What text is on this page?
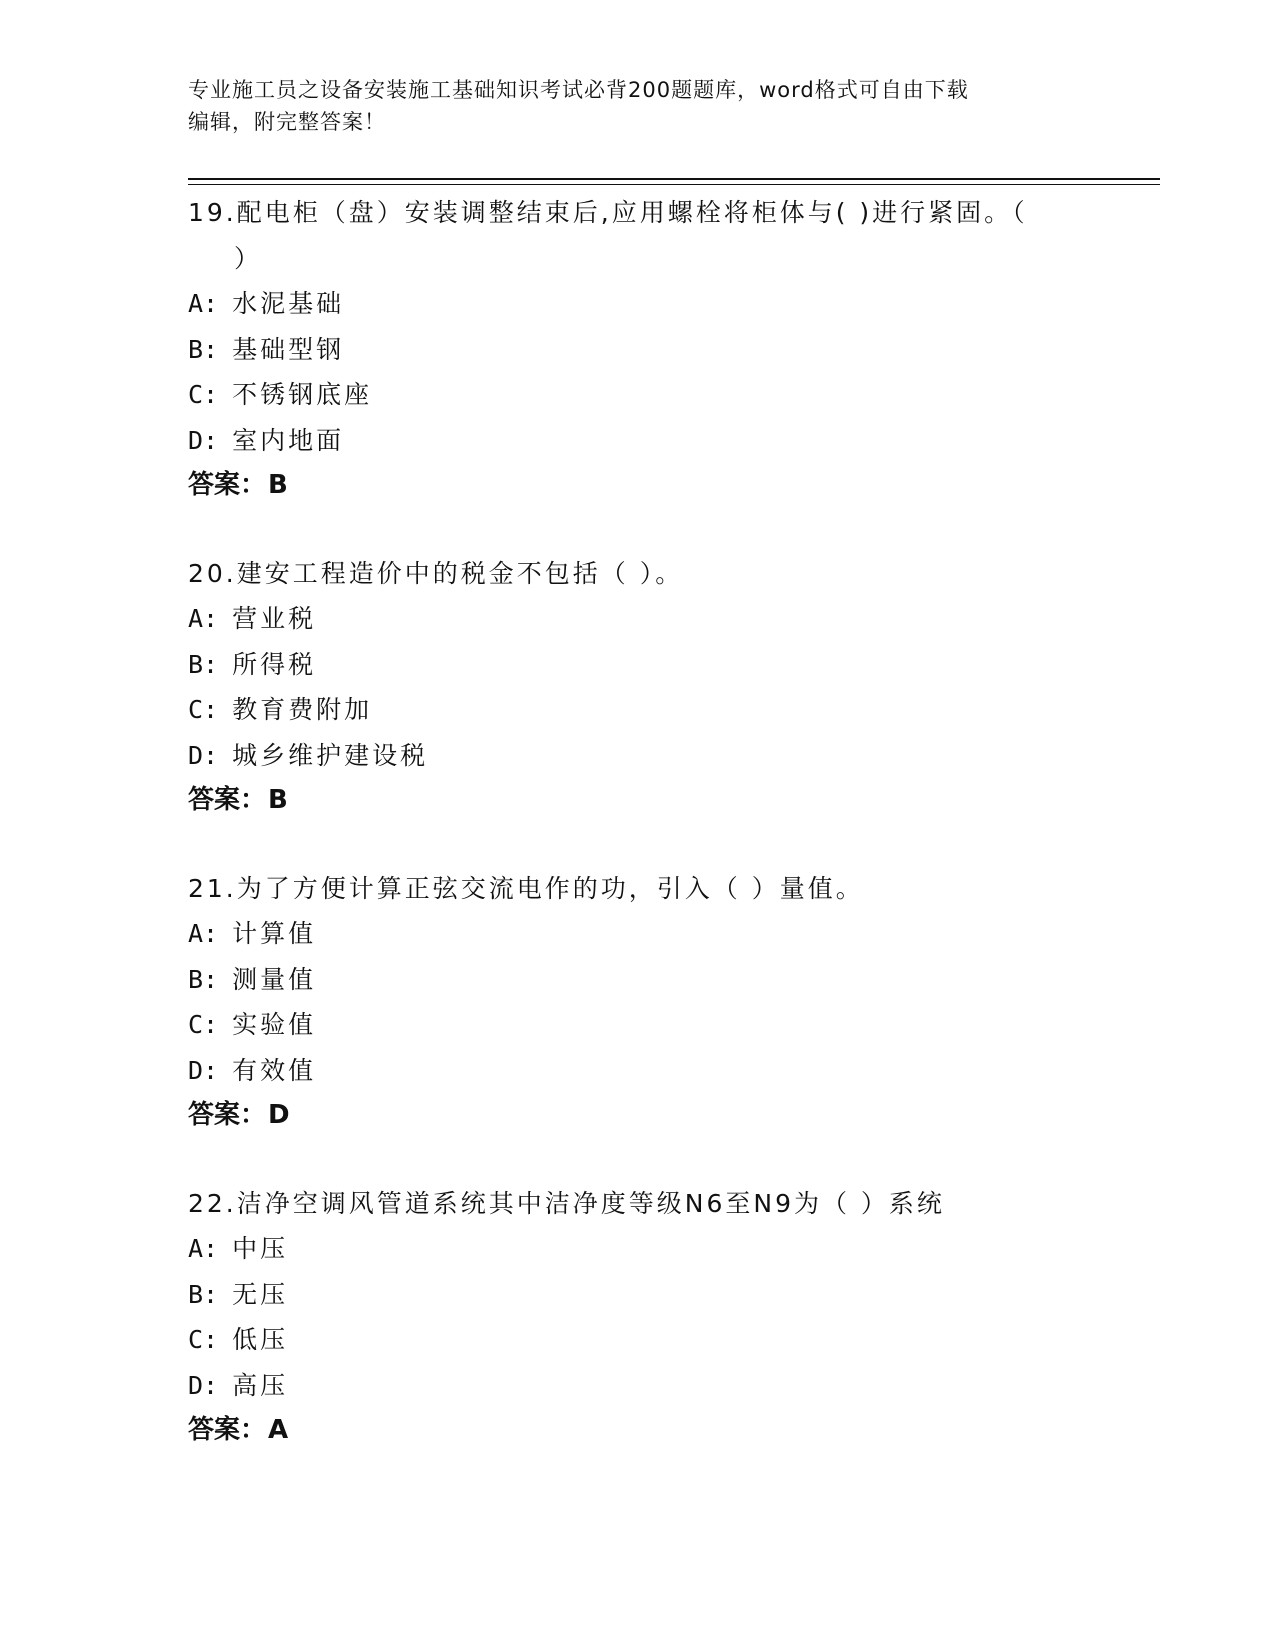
专业施工员之设备安装施工基础知识考试必背200题题库，word格式可自由下载

编辑，附完整答案！

19.配电柜（盘）安装调整结束后,应用螺栓将柜体与( )进行紧固。（

）

A: 水泥基础

B: 基础型钢

C: 不锈钢底座

D: 室内地面

答案：B

20.建安工程造价中的税金不包括（ ）。

A: 营业税

B: 所得税

C: 教育费附加

D: 城乡维护建设税

答案：B

21.为了方便计算正弦交流电作的功，引入（ ）量值。

A: 计算值

B: 测量值

C: 实验值

D: 有效值

答案：D

22.洁净空调风管道系统其中洁净度等级N6至N9为（ ）系统

A: 中压

B: 无压

C: 低压

D: 高压

答案：A
